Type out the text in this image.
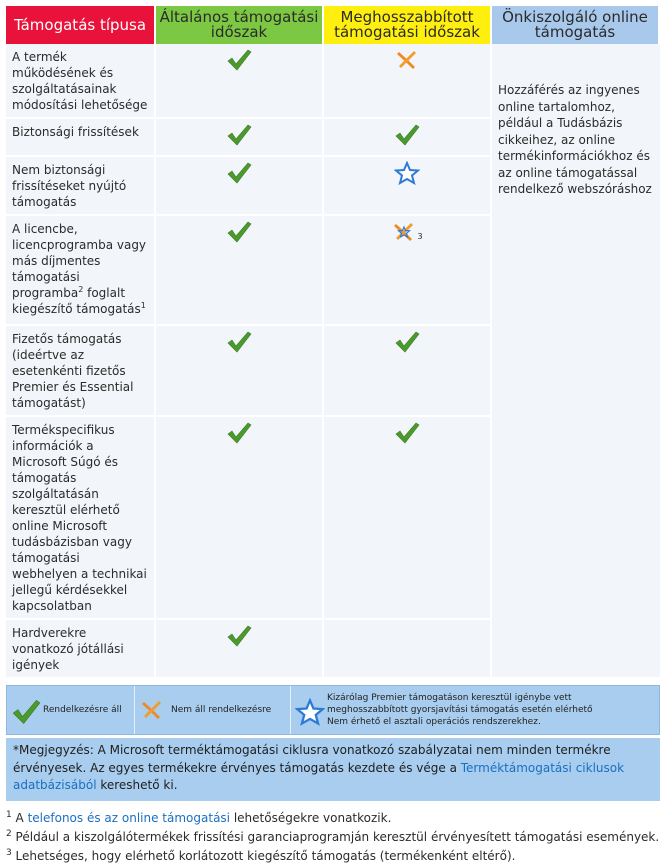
Támogatás típusa	Általános támogatási időszak	Meghosszabbított támogatási időszak	Önkiszolgáló online támogatás
A termék működésének és szolgáltatásainak módosítási lehetősége			Hozzáférés az ingyenes online tartalomhoz, például a Tudásbázis cikkeihez, az online termékinformációkhoz és az online támogatással rendelkező webszóráshoz
Biztonsági frissítések	

Nem biztonsági frissítéseket nyújtó támogatás	

A licencbe, licencprogramba vagy más díjmentes támogatási programba$^2$ foglalt kiegészítő támogatás$^1$		$^3$
Fizetős támogatás (ideértve az esetenkénti fizetős Premier és Essential támogatást)	

Termékspecifikus információk a Microsoft Súgó és támogatás szolgáltatásán keresztül elérhető online Microsoft tudásbázisban vagy támogatási webhelyen a technikai jellegű kérdésekkel kapcsolatban	

Hardverekre vonatkozó jótállási igények	

Rendelkezésre áll	Nem áll rendelkezésre
Kizárólag Premier támogatáson keresztül igénybe vett
meghosszabbított gyorsjavítási támogatás esetén elérhető
Nem érhető el asztali operációs rendszerekhez.
*Megjegyzés: A Microsoft terméktámogatási ciklusra vonatkozó szabályzatai nem minden termékre érvényesek. Az egyes termékekre érvényes támogatás kezdete és vége a Terméktámogatási ciklusok adatbázisából kereshető ki.
$^1$ A telefonos és az online támogatási lehetőségekre vonatkozik.
$^2$ Például a kiszolgálótermékek frissítési garanciaprogramján keresztül érvényesített támogatási események.
$^3$ Lehetséges, hogy elérhető korlátozott kiegészítő támogatás (termékenként eltérő).
